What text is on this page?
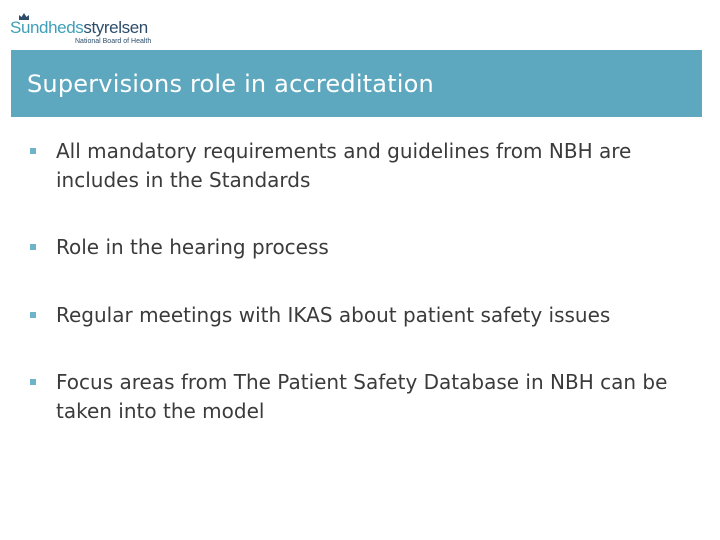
Sundhedsstyrelsen
National Board of Health
Supervisions role in accreditation
All mandatory requirements and guidelines from NBH are includes in the Standards
Role in the hearing process
Regular meetings with IKAS about patient safety issues
Focus areas from The Patient Safety Database in NBH can be taken into the model
